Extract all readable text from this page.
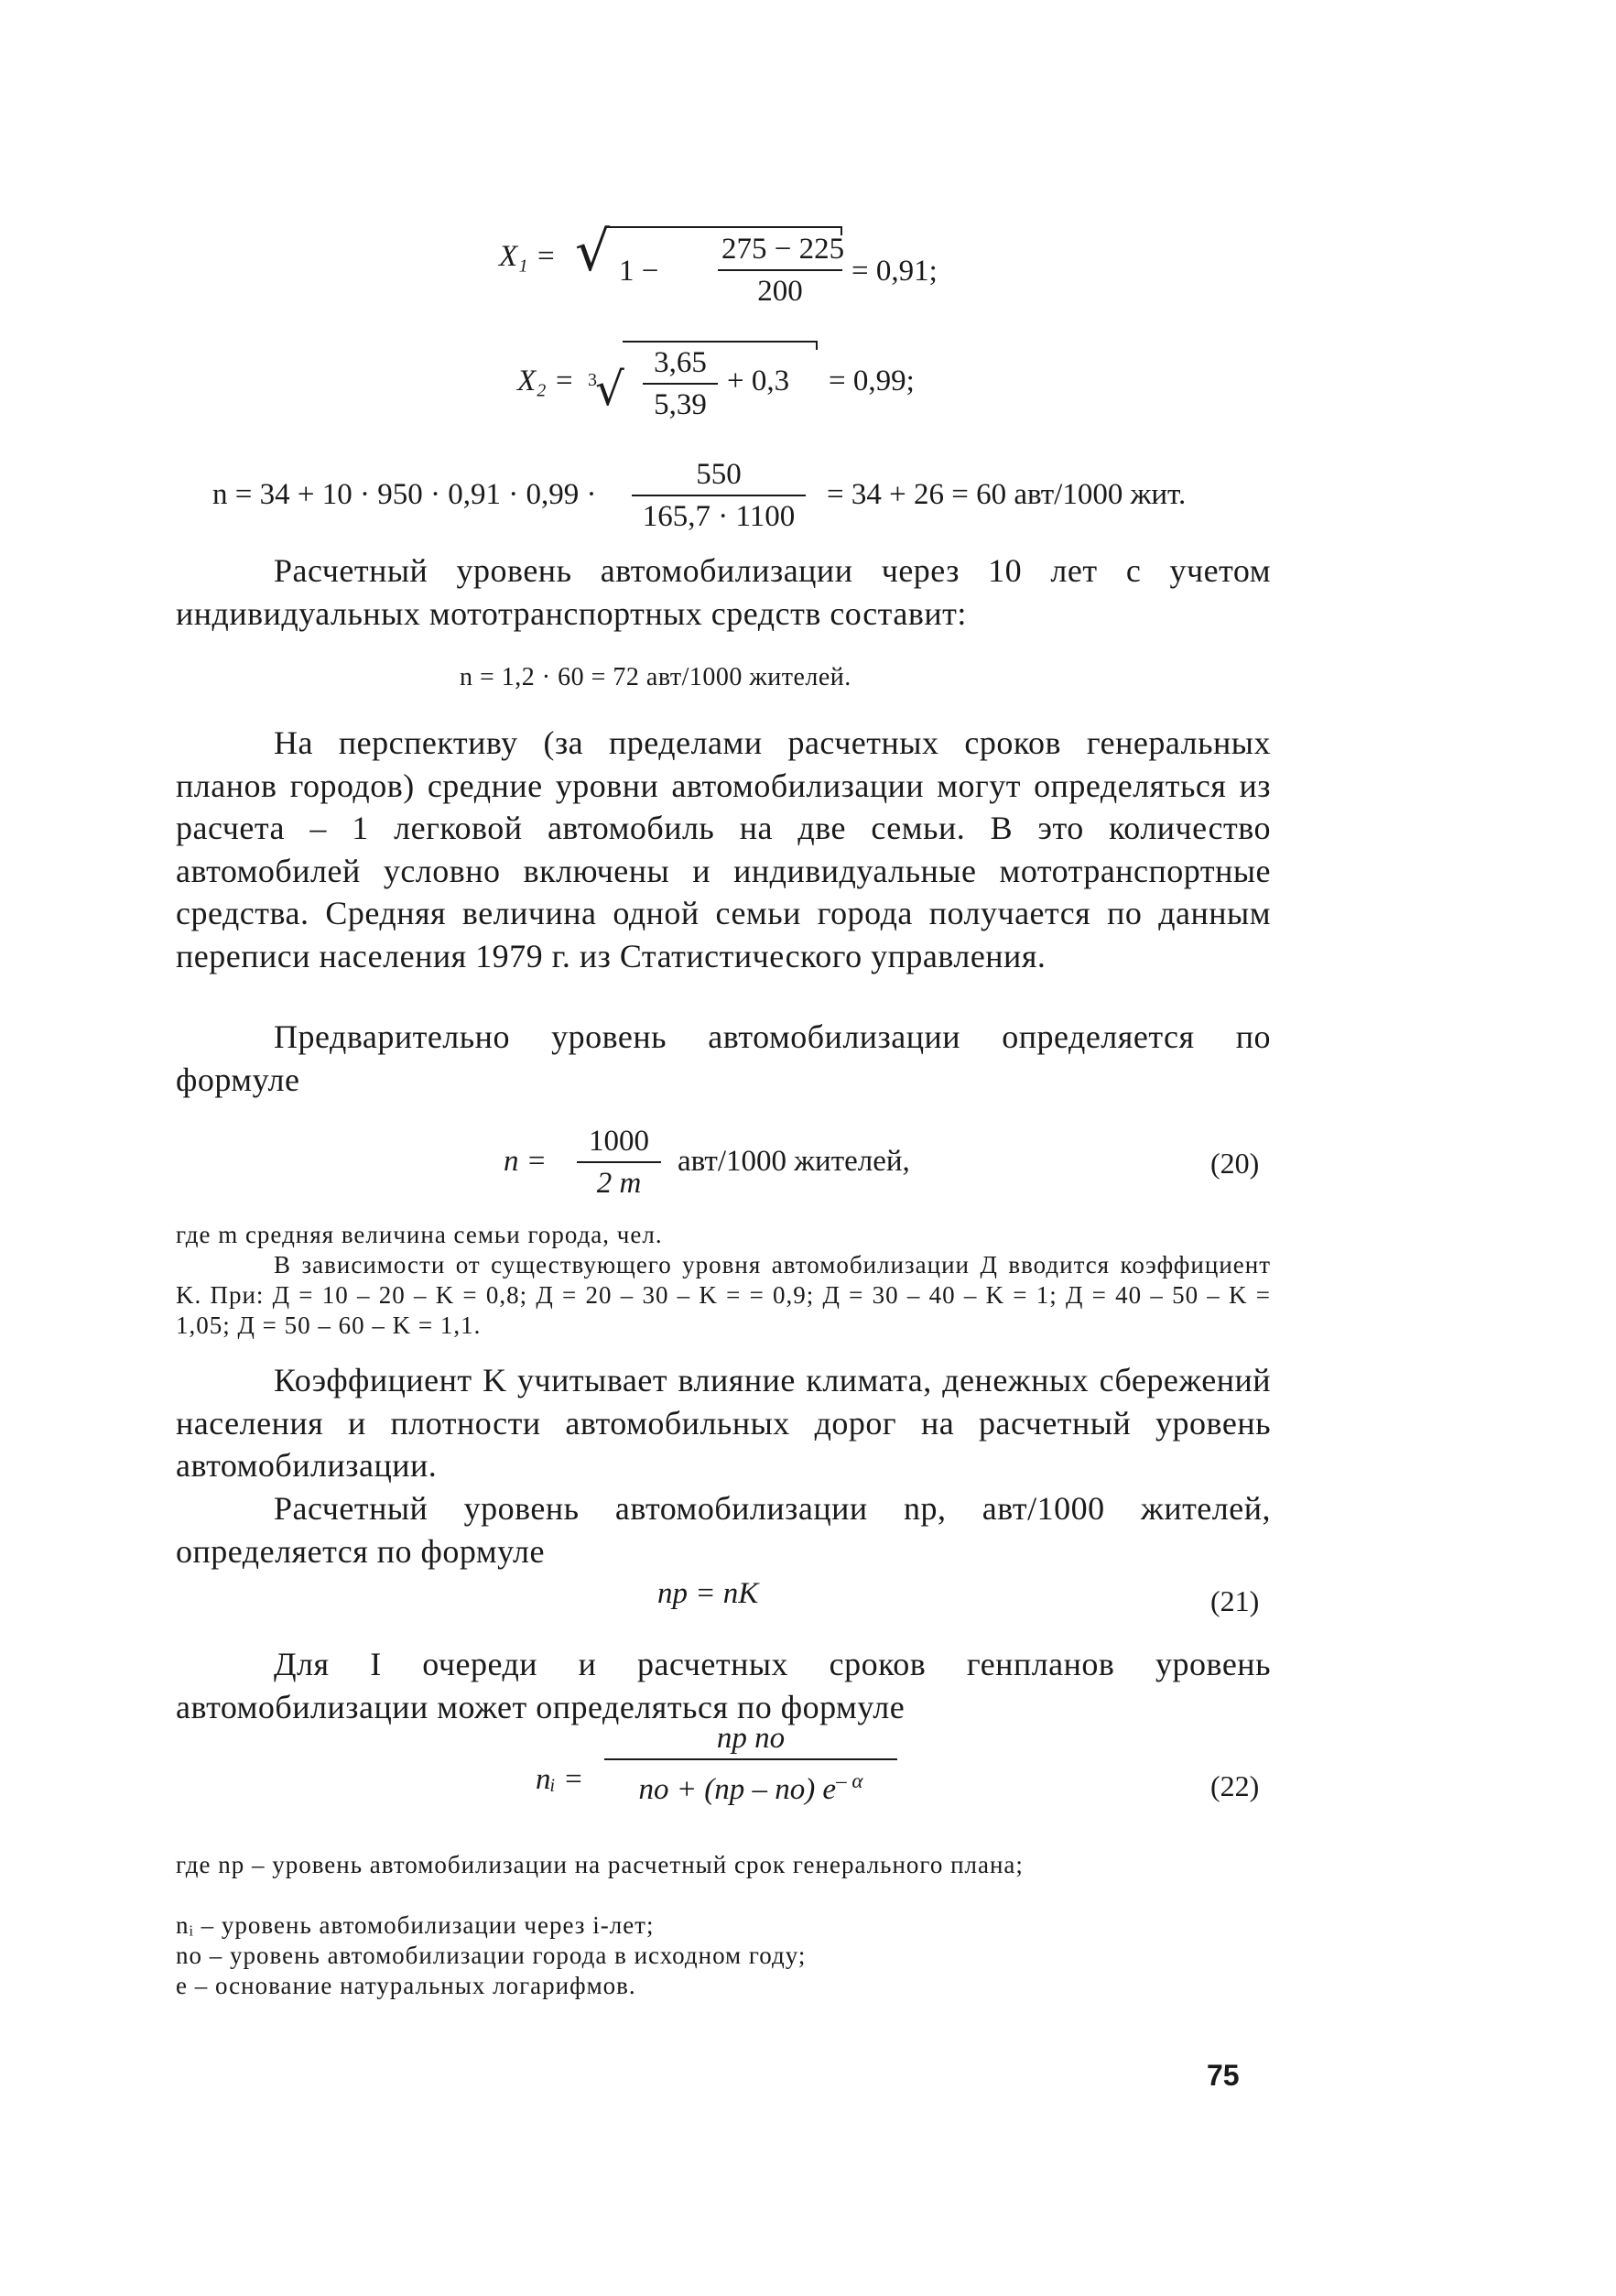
X₁ = √ $1 - \frac{275 - 225}{200} = 0,91$;
X₂ = 3
√ $\frac{3,65}{5,39} + 0,3 = 0,99$;
$n = 34 + 10 \cdot 950 \cdot 0,91 \cdot 0,99 \cdot \frac{550}{165,7 \cdot 1100} = 34 + 26 = 60$ авт/1000 жит.
Расчетный уровень автомобилизации через 10 лет с учетом индивидуальных мототранспортных средств составит:
n = 1,2 · 60 = 72 авт/1000 жителей.
На перспективу (за пределами расчетных сроков генеральных планов городов) средние уровни автомобилизации могут определяться из расчета – 1 легковой автомобиль на две семьи. В это количество автомобилей условно включены и индивидуальные мототранспортные средства. Средняя величина одной семьи города получается по данным переписи населения 1979 г. из Статистического управления.
Предварительно уровень автомобилизации определяется по формуле
$n = \frac{1000}{2 m} авт/1000$ жителей,	(20)
где m средняя величина семьи города, чел.
В зависимости от существующего уровня автомобилизации Д вводится коэффициент K. При: Д = 10 – 20 – K = 0,8; Д = 20 – 30 – K = = 0,9; Д = 30 – 40 – K = 1; Д = 40 – 50 – K = 1,05; Д = 50 – 60 – K = 1,1.
Коэффициент K учитывает влияние климата, денежных сбережений населения и плотности автомобильных дорог на расчетный уровень автомобилизации.
Расчетный уровень автомобилизации nр, авт/1000 жителей, определяется по формуле
nр = nK	(21)
Для I очереди и расчетных сроков генпланов уровень автомобилизации может определяться по формуле
nᵢ =
nр nо
nо + (nр – nо) $e^{- \alpha}$	(22)
где nр – уровень автомобилизации на расчетный срок генерального плана;
nᵢ – уровень автомобилизации через i-лет;
nо – уровень автомобилизации города в исходном году;
e – основание натуральных логарифмов.
75
